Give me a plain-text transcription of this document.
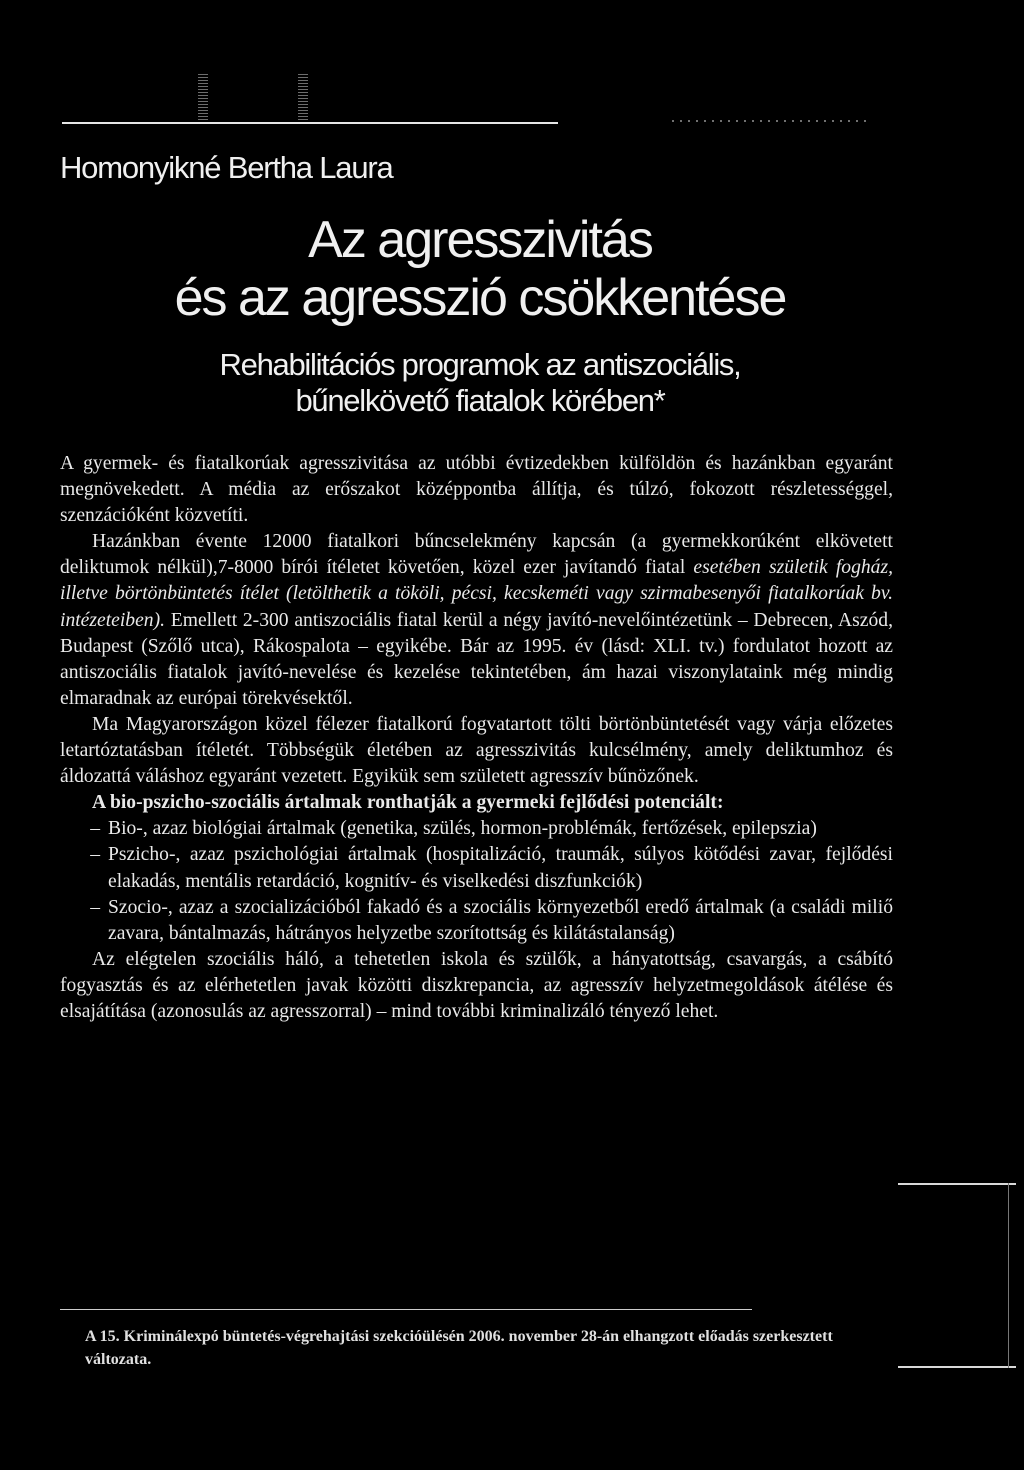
Homonyikné Bertha Laura
Az agresszivitás
és az agresszió csökkentése
Rehabilitációs programok az antiszociális,
bűnelkövető fiatalok körében*

A gyermek- és fiatalkorúak agresszivitása az utóbbi évtizedekben külföldön és hazánkban egyaránt megnövekedett. A média az erőszakot középpontba állítja, és túlzó, fokozott részletességgel, szenzációként közvetíti.

Hazánkban évente 12000 fiatalkori bűncselekmény kapcsán (a gyermekkorúként elkövetett deliktumok nélkül),7-8000 bírói ítéletet követően, közel ezer javítandó fiatal esetében születik fogház, illetve börtönbüntetés ítélet (letölthetik a tököli, pécsi, kecskeméti vagy szirmabesenyői fiatalkorúak bv. intézeteiben). Emellett 2-300 antiszociális fiatal kerül a négy javító-nevelőintézetünk – Debrecen, Aszód, Budapest (Szőlő utca), Rákospalota – egyikébe. Bár az 1995. év (lásd: XLI. tv.) fordulatot hozott az antiszociális fiatalok javító-nevelése és kezelése tekintetében, ám hazai viszonylataink még mindig elmaradnak az európai törekvésektől.

Ma Magyarországon közel félezer fiatalkorú fogvatartott tölti börtönbüntetését vagy várja előzetes letartóztatásban ítéletét. Többségük életében az agresszivitás kulcsélmény, amely deliktumhoz és áldozattá váláshoz egyaránt vezetett. Egyikük sem született agresszív bűnözőnek.

A bio-pszicho-szociális ártalmak ronthatják a gyermeki fejlődési potenciált:

– Bio-, azaz biológiai ártalmak (genetika, szülés, hormon-problémák, fertőzések, epilepszia)
– Pszicho-, azaz pszichológiai ártalmak (hospitalizáció, traumák, súlyos kötődési zavar, fejlődési elakadás, mentális retardáció, kognitív- és viselkedési diszfunkciók)
– Szocio-, azaz a szocializációból fakadó és a szociális környezetből eredő ártalmak (a családi miliő zavara, bántalmazás, hátrányos helyzetbe szorítottság és kilátástalanság)

Az elégtelen szociális háló, a tehetetlen iskola és szülők, a hányatottság, csavargás, a csábító fogyasztás és az elérhetetlen javak közötti diszkrepancia, az agresszív helyzetmegoldások átélése és elsajátítása (azonosulás az agresszorral) – mind további kriminalizáló tényező lehet.

A 15. Kriminálexpó büntetés-végrehajtási szekcióülésén 2006. november 28-án elhangzott előadás szerkesztett változata.
